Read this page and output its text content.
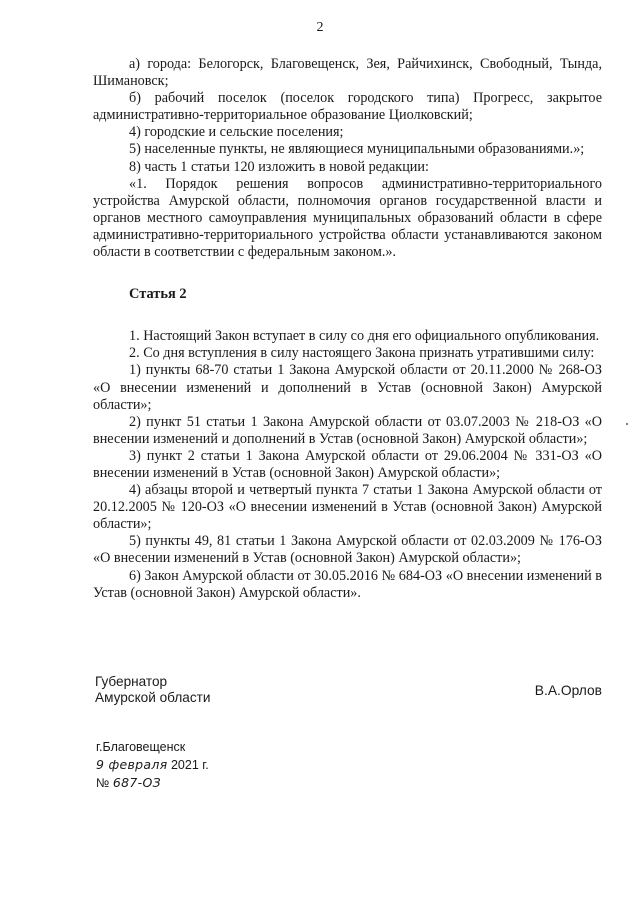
2

а) города: Белогорск, Благовещенск, Зея, Райчихинск, Свободный, Тында, Шимановск;

б) рабочий поселок (поселок городского типа) Прогресс, закрытое административно-территориальное образование Циолковский;

4) городские и сельские поселения;

5) населенные пункты, не являющиеся муниципальными образованиями.»;

8) часть 1 статьи 120 изложить в новой редакции:

«1. Порядок решения вопросов административно-территориального устройства Амурской области, полномочия органов государственной власти и органов местного самоуправления муниципальных образований области в сфере административно-территориального устройства области устанавливаются законом области в соответствии с федеральным законом.».

Статья 2

1. Настоящий Закон вступает в силу со дня его официального опубликования.

2. Со дня вступления в силу настоящего Закона признать утратившими силу:

1) пункты 68-70 статьи 1 Закона Амурской области от 20.11.2000 № 268-ОЗ «О внесении изменений и дополнений в Устав (основной Закон) Амурской области»;

2) пункт 51 статьи 1 Закона Амурской области от 03.07.2003 № 218-ОЗ «О внесении изменений и дополнений в Устав (основной Закон) Амурской области»;

3) пункт 2 статьи 1 Закона Амурской области от 29.06.2004 № 331-ОЗ «О внесении изменений в Устав (основной Закон) Амурской области»;

4) абзацы второй и четвертый пункта 7 статьи 1 Закона Амурской области от 20.12.2005 № 120-ОЗ «О внесении изменений в Устав (основной Закон) Амурской области»;

5) пункты 49, 81 статьи 1 Закона Амурской области от 02.03.2009 № 176-ОЗ «О внесении изменений в Устав (основной Закон) Амурской области»;

6) Закон Амурской области от 30.05.2016 № 684-ОЗ «О внесении изменений в Устав (основной Закон) Амурской области».

Губернатор
Амурской области	В.А.Орлов
г.Благовещенск
9 февраля 2021 г.
№ 687-ОЗ
